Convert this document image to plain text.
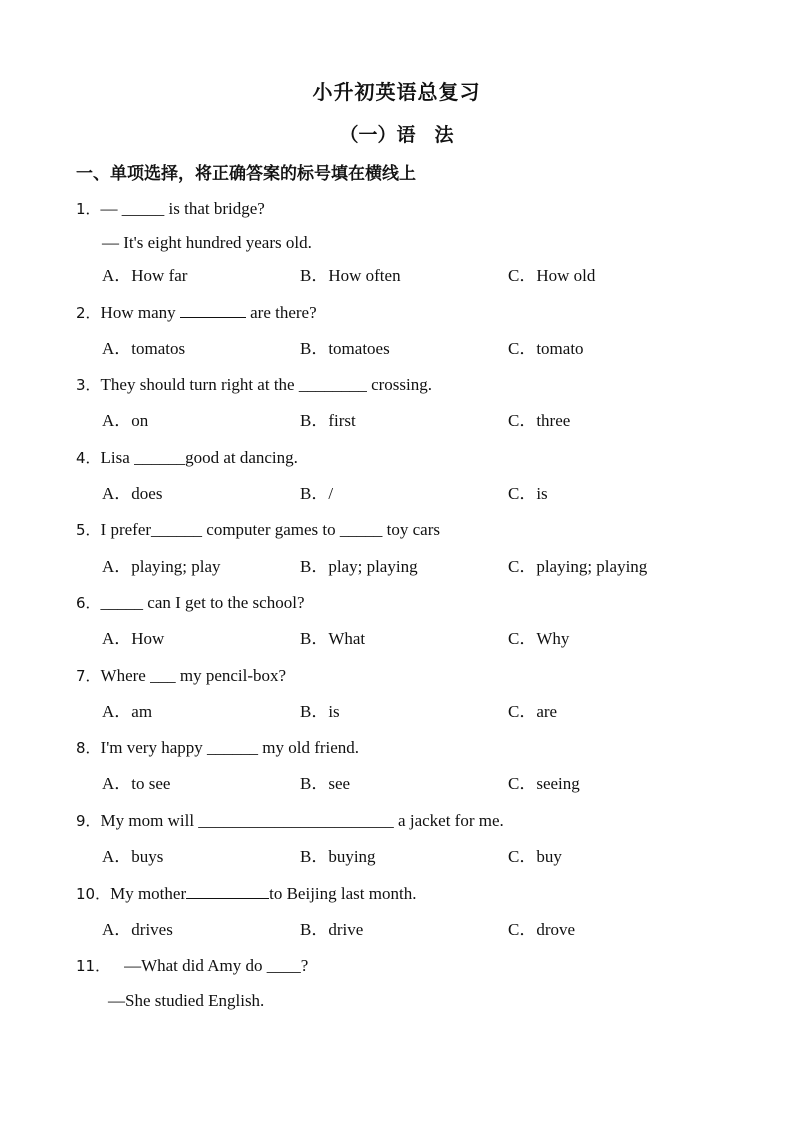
小升初英语总复习
（一）语　法
一、单项选择，将正确答案的标号填在横线上
1．— _____ is that bridge?
— It's eight hundred years old.
A．How far	B．How often	C．How old
2．How many	are there?
A．tomatos	B．tomatoes	C．tomato
3．They should turn right at the ________ crossing.
A．on	B．first	C．three
4．Lisa ______good at dancing.
A．does	B．/	C．is
5．I prefer______ computer games to _____ toy cars
A．playing; play	B．play; playing	C．playing; playing
6．_____ can I get to the school?
A．How	B．What	C．Why
7．Where ___ my pencil-box?
A．am	B．is	C．are
8．I'm very happy ______ my old friend.
A．to see	B．see	C．seeing
9．My mom will _______________________ a jacket for me.
A．buys	B．buying	C．buy
10．My mother	to Beijing last month.
A．drives	B．drive	C．drove
11． —What did Amy do ____?
—She studied English.
